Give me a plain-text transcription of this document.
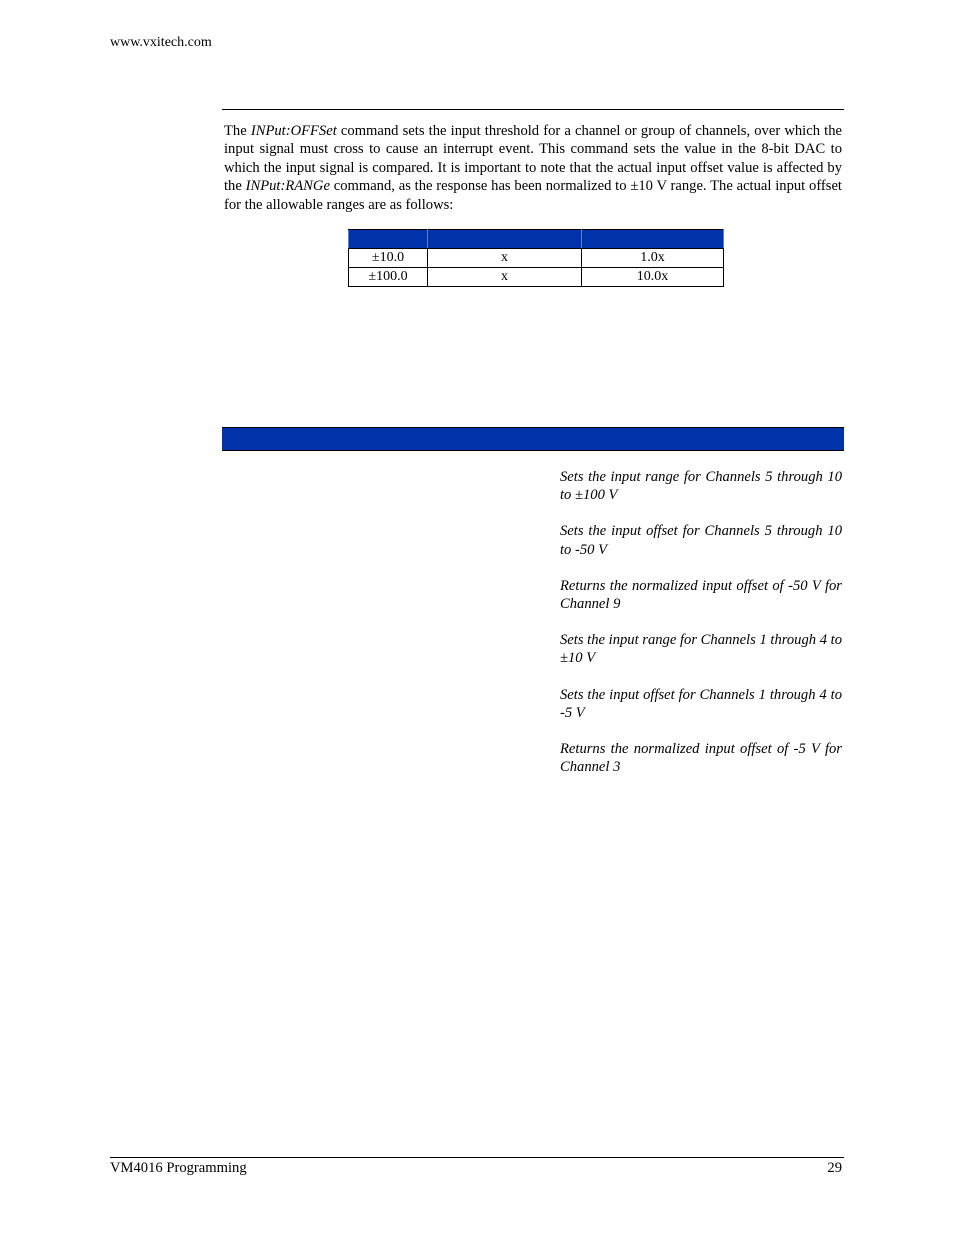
www.vxitech.com
The INPut:OFFSet command sets the input threshold for a channel or group of channels, over which the input signal must cross to cause an interrupt event. This command sets the value in the 8-bit DAC to which the input signal is compared. It is important to note that the actual input offset value is affected by the INPut:RANGe command, as the response has been normalized to ±10 V range. The actual input offset for the allowable ranges are as follows:

±10.0	x	1.0x
±100.0	x	10.0x

Sets the input range for Channels 5 through 10 to ±100 V

Sets the input offset for Channels 5 through 10 to -50 V

Returns the normalized input offset of -50 V for Channel 9

Sets the input range for Channels 1 through 4 to ±10 V

Sets the input offset for Channels 1 through 4 to -5 V

Returns the normalized input offset of -5 V for Channel 3

VM4016 Programming	29
